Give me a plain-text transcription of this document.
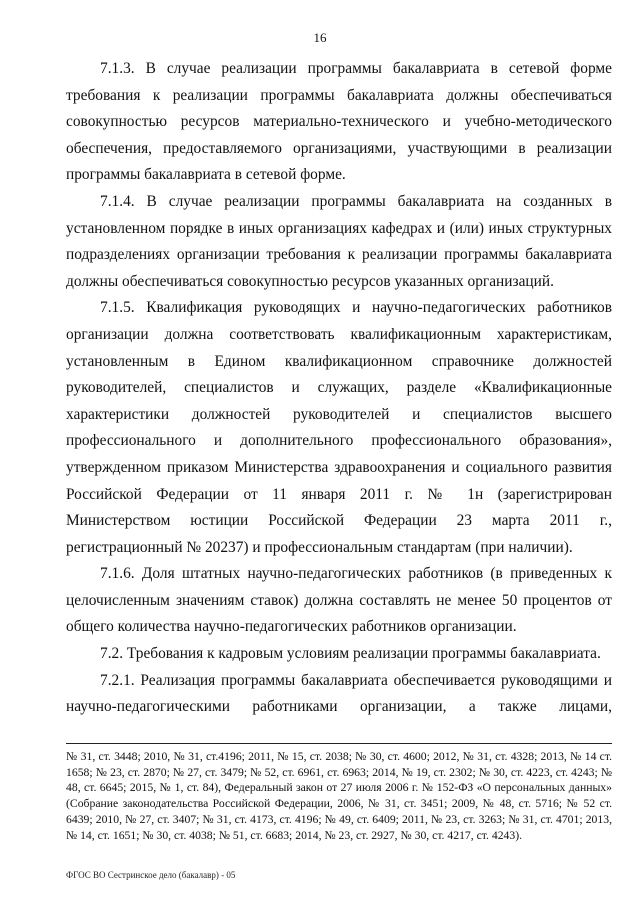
16

7.1.3. В случае реализации программы бакалавриата в сетевой форме требования к реализации программы бакалавриата должны обеспечиваться совокупностью ресурсов материально-технического и учебно-методического обеспечения, предоставляемого организациями, участвующими в реализации программы бакалавриата в сетевой форме.

7.1.4. В случае реализации программы бакалавриата на созданных в установленном порядке в иных организациях кафедрах и (или) иных структурных подразделениях организации требования к реализации программы бакалавриата должны обеспечиваться совокупностью ресурсов указанных организаций.

7.1.5. Квалификация руководящих и научно-педагогических работников организации должна соответствовать квалификационным характеристикам, установленным в Едином квалификационном справочнике должностей руководителей, специалистов и служащих, разделе «Квалификационные характеристики должностей руководителей и специалистов высшего профессионального и дополнительного профессионального образования», утвержденном приказом Министерства здравоохранения и социального развития Российской Федерации от 11 января 2011 г. № 1н (зарегистрирован Министерством юстиции Российской Федерации 23 марта 2011 г., регистрационный № 20237) и профессиональным стандартам (при наличии).

7.1.6. Доля штатных научно-педагогических работников (в приведенных к целочисленным значениям ставок) должна составлять не менее 50 процентов от общего количества научно-педагогических работников организации.

7.2. Требования к кадровым условиям реализации программы бакалавриата.

7.2.1. Реализация программы бакалавриата обеспечивается руководящими и научно-педагогическими работниками организации, а также лицами,

№ 31, ст. 3448; 2010, № 31, ст.4196; 2011, № 15, ст. 2038; № 30, ст. 4600; 2012, № 31, ст. 4328; 2013, № 14 ст. 1658; № 23, ст. 2870; № 27, ст. 3479; № 52, ст. 6961, ст. 6963; 2014, № 19, ст. 2302; № 30, ст. 4223, ст. 4243; № 48, ст. 6645; 2015, № 1, ст. 84), Федеральный закон от 27 июля 2006 г. № 152-ФЗ «О персональных данных» (Собрание законодательства Российской Федерации, 2006, № 31, ст. 3451; 2009, № 48, ст. 5716; № 52 ст. 6439; 2010, № 27, ст. 3407; № 31, ст. 4173, ст. 4196; № 49, ст. 6409; 2011, № 23, ст. 3263; № 31, ст. 4701; 2013, № 14, ст. 1651; № 30, ст. 4038; № 51, ст. 6683; 2014, № 23, ст. 2927, № 30, ст. 4217, ст. 4243).

ФГОС ВО Сестринское дело (бакалавр) - 05
